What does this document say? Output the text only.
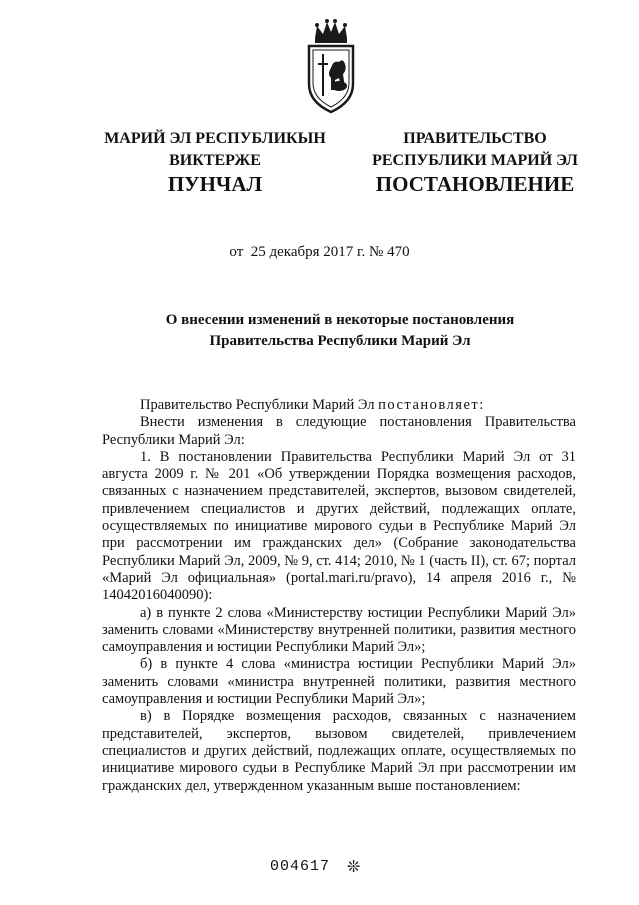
МАРИЙ ЭЛ РЕСПУБЛИКЫН
ВИКТЕРЖЕ
ПРАВИТЕЛЬСТВО
РЕСПУБЛИКИ МАРИЙ ЭЛ
ПУНЧАЛ	ПОСТАНОВЛЕНИЕ
от 25 декабря 2017 г. № 470
О внесении изменений в некоторые постановления
Правительства Республики Марий Эл

Правительство Республики Марий Эл постановляет:

Внести изменения в следующие постановления Правительства Республики Марий Эл:

1. В постановлении Правительства Республики Марий Эл от 31 августа 2009 г. № 201 «Об утверждении Порядка возмещения расходов, связанных с назначением представителей, экспертов, вызовом свидетелей, привлечением специалистов и других действий, подлежащих оплате, осуществляемых по инициативе мирового судьи в Республике Марий Эл при рассмотрении им гражданских дел» (Собрание законодательства Республики Марий Эл, 2009, № 9, ст. 414; 2010, № 1 (часть II), ст. 67; портал «Марий Эл официальная» (portal.mari.ru/pravo), 14 апреля 2016 г., № 14042016040090):

а) в пункте 2 слова «Министерству юстиции Республики Марий Эл» заменить словами «Министерству внутренней политики, развития местного самоуправления и юстиции Республики Марий Эл»;

б) в пункте 4 слова «министра юстиции Республики Марий Эл» заменить словами «министра внутренней политики, развития местного самоуправления и юстиции Республики Марий Эл»;

в) в Порядке возмещения расходов, связанных с назначением представителей, экспертов, вызовом свидетелей, привлечением специалистов и других действий, подлежащих оплате, осуществляемых по инициативе мирового судьи в Республике Марий Эл при рассмотрении им гражданских дел, утвержденном указанным выше постановлением:

004617 ❊
